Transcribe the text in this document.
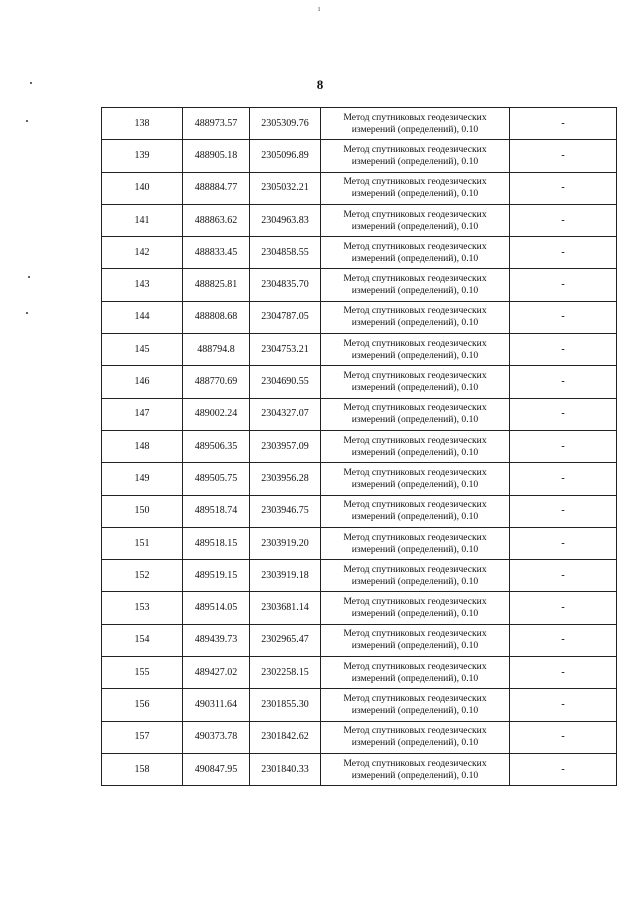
ı
8
138	488973.57	2305309.76	Метод спутниковых геодезических
измерений (определений), 0.10	-
139	488905.18	2305096.89	Метод спутниковых геодезических
измерений (определений), 0.10	-
140	488884.77	2305032.21	Метод спутниковых геодезических
измерений (определений), 0.10	-
141	488863.62	2304963.83	Метод спутниковых геодезических
измерений (определений), 0.10	-
142	488833.45	2304858.55	Метод спутниковых геодезических
измерений (определений), 0.10	-
143	488825.81	2304835.70	Метод спутниковых геодезических
измерений (определений), 0.10	-
144	488808.68	2304787.05	Метод спутниковых геодезических
измерений (определений), 0.10	-
145	488794.8	2304753.21	Метод спутниковых геодезических
измерений (определений), 0.10	-
146	488770.69	2304690.55	Метод спутниковых геодезических
измерений (определений), 0.10	-
147	489002.24	2304327.07	Метод спутниковых геодезических
измерений (определений), 0.10	-
148	489506.35	2303957.09	Метод спутниковых геодезических
измерений (определений), 0.10	-
149	489505.75	2303956.28	Метод спутниковых геодезических
измерений (определений), 0.10	-
150	489518.74	2303946.75	Метод спутниковых геодезических
измерений (определений), 0.10	-
151	489518.15	2303919.20	Метод спутниковых геодезических
измерений (определений), 0.10	-
152	489519.15	2303919.18	Метод спутниковых геодезических
измерений (определений), 0.10	-
153	489514.05	2303681.14	Метод спутниковых геодезических
измерений (определений), 0.10	-
154	489439.73	2302965.47	Метод спутниковых геодезических
измерений (определений), 0.10	-
155	489427.02	2302258.15	Метод спутниковых геодезических
измерений (определений), 0.10	-
156	490311.64	2301855.30	Метод спутниковых геодезических
измерений (определений), 0.10	-
157	490373.78	2301842.62	Метод спутниковых геодезических
измерений (определений), 0.10	-
158	490847.95	2301840.33	Метод спутниковых геодезических
измерений (определений), 0.10	-
